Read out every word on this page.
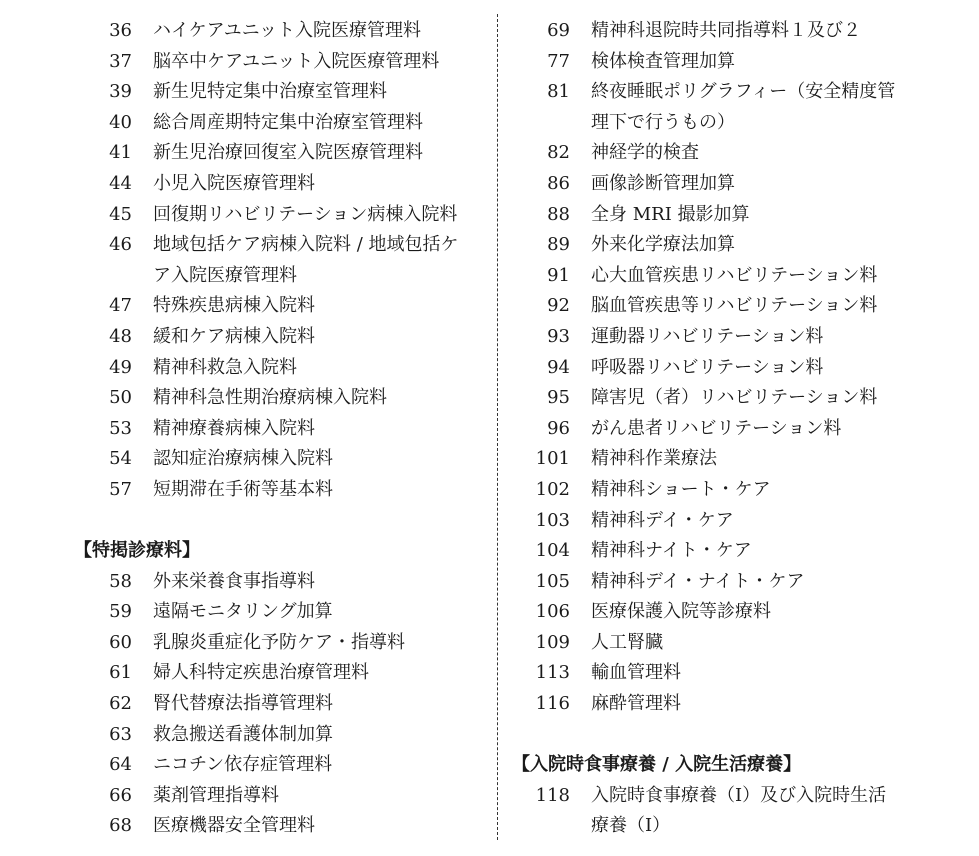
36 ハイケアユニット入院医療管理料
37 脳卒中ケアユニット入院医療管理料
39 新生児特定集中治療室管理料
40 総合周産期特定集中治療室管理料
41 新生児治療回復室入院医療管理料
44 小児入院医療管理料
45 回復期リハビリテーション病棟入院料
46 地域包括ケア病棟入院料 / 地域包括ケ
ア入院医療管理料
47 特殊疾患病棟入院料
48 緩和ケア病棟入院料
49 精神科救急入院料
50 精神科急性期治療病棟入院料
53 精神療養病棟入院料
54 認知症治療病棟入院料
57 短期滞在手術等基本料
【特掲診療料】
58 外来栄養食事指導料
59 遠隔モニタリング加算
60 乳腺炎重症化予防ケア・指導料
61 婦人科特定疾患治療管理料
62 腎代替療法指導管理料
63 救急搬送看護体制加算
64 ニコチン依存症管理料
66 薬剤管理指導料
68 医療機器安全管理料
69 精神科退院時共同指導料１及び２
77 検体検査管理加算
81 終夜睡眠ポリグラフィー（安全精度管
理下で行うもの）
82 神経学的検査
86 画像診断管理加算
88 全身 MRI 撮影加算
89 外来化学療法加算
91 心大血管疾患リハビリテーション料
92 脳血管疾患等リハビリテーション料
93 運動器リハビリテーション料
94 呼吸器リハビリテーション料
95 障害児（者）リハビリテーション料
96 がん患者リハビリテーション料
101 精神科作業療法
102 精神科ショート・ケア
103 精神科デイ・ケア
104 精神科ナイト・ケア
105 精神科デイ・ナイト・ケア
106 医療保護入院等診療料
109 人工腎臓
113 輸血管理料
116 麻酔管理料
【入院時食事療養 / 入院生活療養】
118 入院時食事療養（Ⅰ）及び入院時生活
療養（Ⅰ）
